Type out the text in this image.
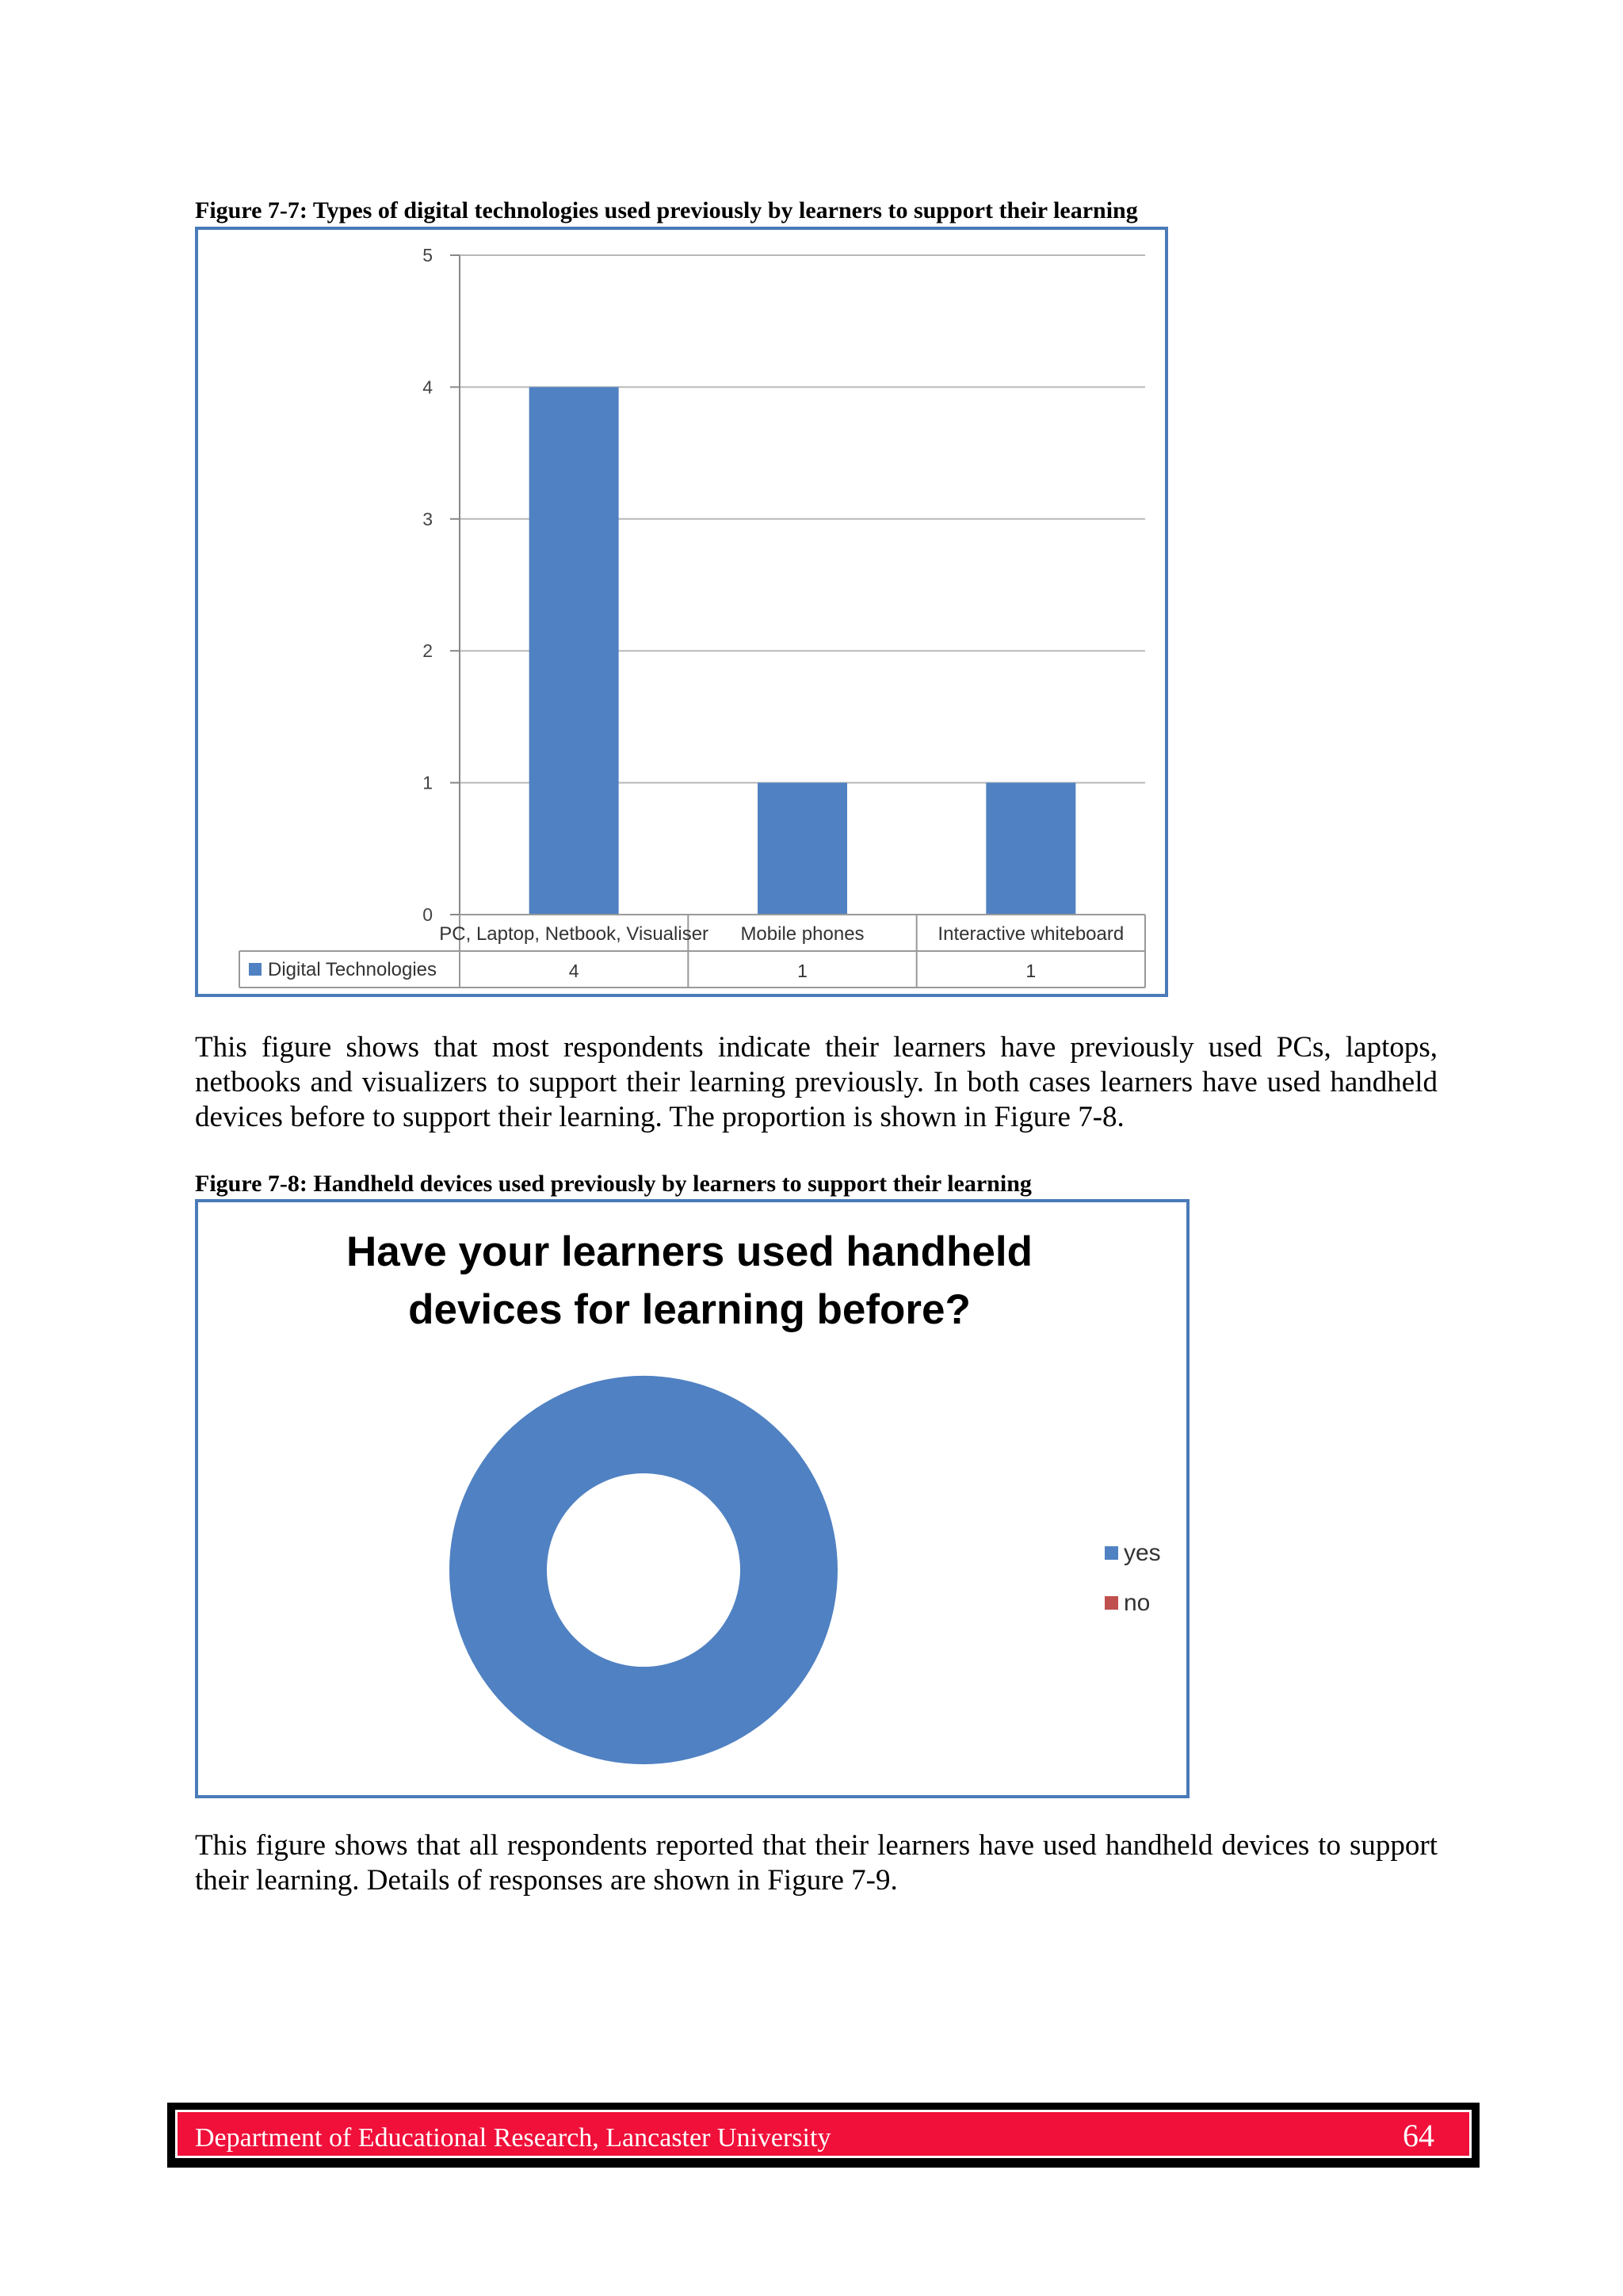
Figure 7-7: Types of digital technologies used previously by learners to support their learning
0
1
2
3
4
5
PC, Laptop, Netbook, Visualiser
4
Mobile phones
1
Interactive whiteboard
1
Digital Technologies
This figure shows that most respondents indicate their learners have previously used PCs, laptops, netbooks and visualizers to support their learning previously. In both cases learners have used handheld devices before to support their learning. The proportion is shown in Figure 7-8.
Figure 7-8: Handheld devices used previously by learners to support their learning
Have your learners used handheld
devices for learning before?
yes
no
This figure shows that all respondents reported that their learners have used handheld devices to support their learning. Details of responses are shown in Figure 7-9.
Department of Educational Research, Lancaster University	64
